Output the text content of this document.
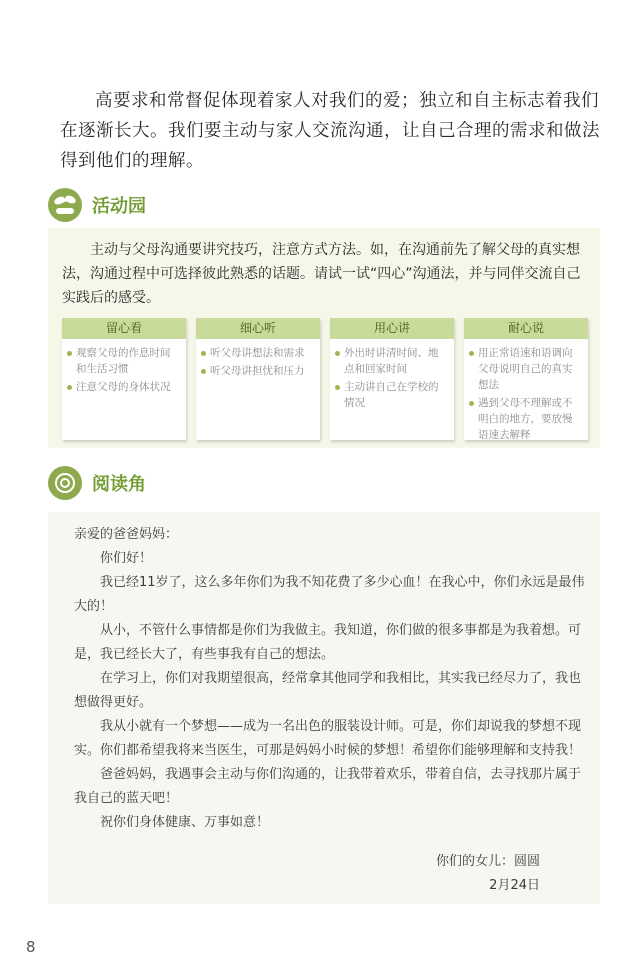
高要求和常督促体现着家人对我们的爱；独立和自主标志着我们在逐渐长大。我们要主动与家人交流沟通，让自己合理的需求和做法得到他们的理解。

活动园

主动与父母沟通要讲究技巧，注意方式方法。如，在沟通前先了解父母的真实想法，沟通过程中可选择彼此熟悉的话题。请试一试“四心”沟通法，并与同伴交流自己实践后的感受。

留心看
观察父母的作息时间和生活习惯
注意父母的身体状况
细心听
听父母讲想法和需求
听父母讲担忧和压力
用心讲
外出时讲清时间、地点和回家时间
主动讲自己在学校的情况
耐心说
用正常语速和语调向父母说明自己的真实想法
遇到父母不理解或不明白的地方，要放慢语速去解释
阅读角

亲爱的爸爸妈妈：

你们好！

我已经11岁了，这么多年你们为我不知花费了多少心血！在我心中，你们永远是最伟大的！

从小，不管什么事情都是你们为我做主。我知道，你们做的很多事都是为我着想。可是，我已经长大了，有些事我有自己的想法。

在学习上，你们对我期望很高，经常拿其他同学和我相比，其实我已经尽力了，我也想做得更好。

我从小就有一个梦想——成为一名出色的服装设计师。可是，你们却说我的梦想不现实。你们都希望我将来当医生，可那是妈妈小时候的梦想！希望你们能够理解和支持我！

爸爸妈妈，我遇事会主动与你们沟通的，让我带着欢乐，带着自信，去寻找那片属于我自己的蓝天吧！

祝你们身体健康、万事如意！

你们的女儿：圆圆
2月24日
8
